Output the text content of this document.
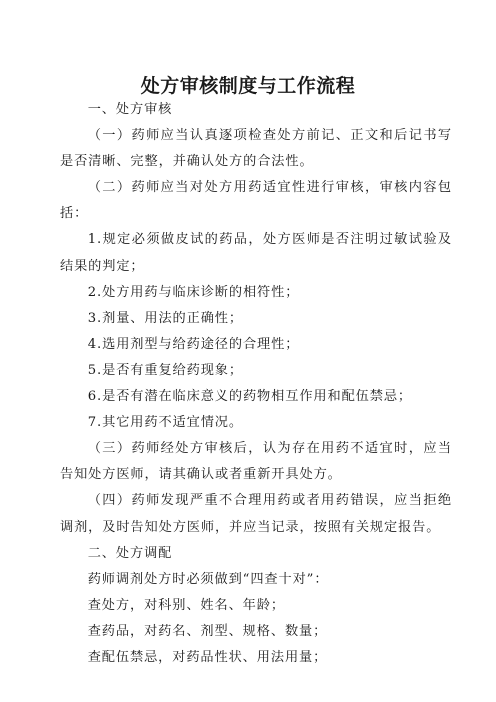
处方审核制度与工作流程

一、处方审核

（一）药师应当认真逐项检查处方前记、正文和后记书写是否清晰、完整，并确认处方的合法性。

（二）药师应当对处方用药适宜性进行审核，审核内容包括：

1.规定必须做皮试的药品，处方医师是否注明过敏试验及结果的判定；

2.处方用药与临床诊断的相符性；

3.剂量、用法的正确性；

4.选用剂型与给药途径的合理性；

5.是否有重复给药现象；

6.是否有潜在临床意义的药物相互作用和配伍禁忌；

7.其它用药不适宜情况。

（三）药师经处方审核后，认为存在用药不适宜时，应当告知处方医师，请其确认或者重新开具处方。

（四）药师发现严重不合理用药或者用药错误，应当拒绝调剂，及时告知处方医师，并应当记录，按照有关规定报告。

二、处方调配

药师调剂处方时必须做到“四查十对”：

查处方，对科别、姓名、年龄；

查药品，对药名、剂型、规格、数量；

查配伍禁忌，对药品性状、用法用量；
